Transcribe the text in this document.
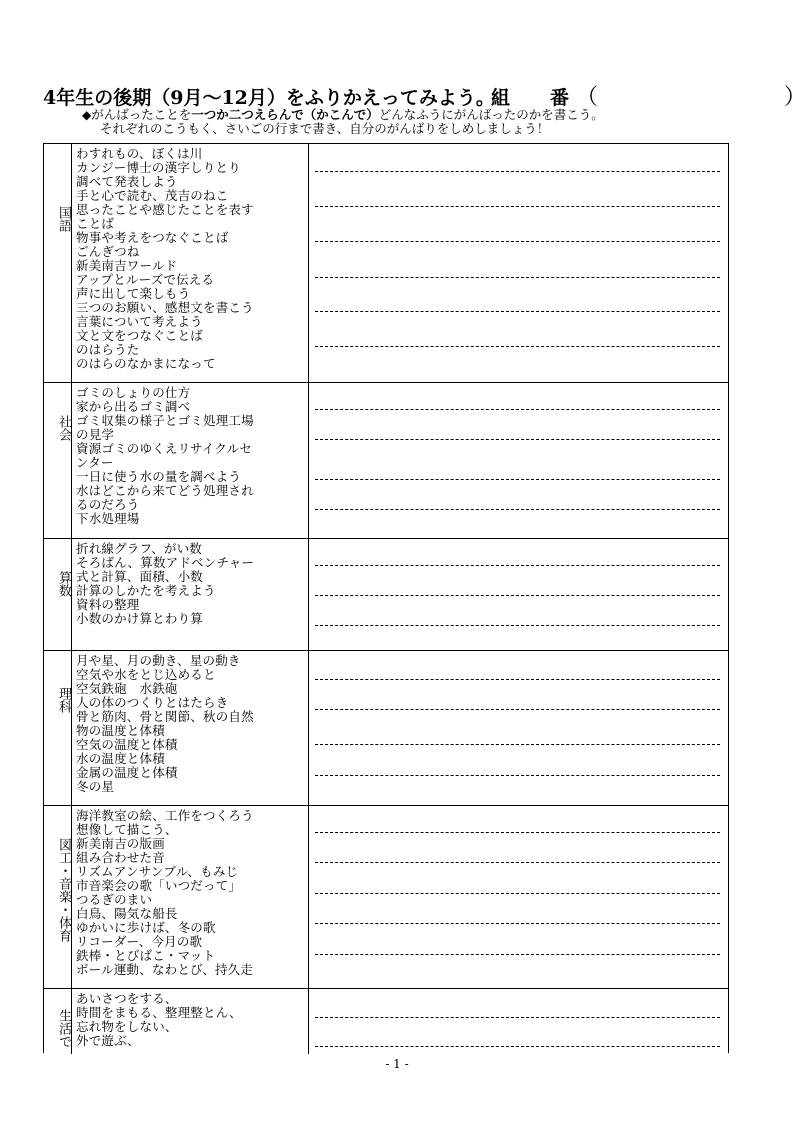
4年生の後期（9月～12月）をふりかえってみよう。
組 番 （	）
◆がんばったことを一つか二つえらんで（かこんで）どんなふうにがんばったのかを書こう。
それぞれのこうもく、さいごの行まで書き、自分のがんばりをしめしましょう！
国語
わすれもの、ぼくは川
カンジー博士の漢字しりとり
調べて発表しよう
手と心で読む、茂吉のねこ
思ったことや感じたことを表す
ことば
物事や考えをつなぐことば
ごんぎつね
新美南吉ワールド
アップとルーズで伝える
声に出して楽しもう
三つのお願い、感想文を書こう
言葉について考えよう
文と文をつなぐことば
のはらうた
のはらのなかまになって
社会
ゴミのしょりの仕方
家から出るゴミ調べ
ゴミ収集の様子とゴミ処理工場
の見学
資源ゴミのゆくえリサイクルセ
ンター
一日に使う水の量を調べよう
水はどこから来てどう処理され
るのだろう
下水処理場
算数
折れ線グラフ、がい数
そろばん、算数アドベンチャー
式と計算、面積、小数
計算のしかたを考えよう
資料の整理
小数のかけ算とわり算
理科
月や星、月の動き、星の動き
空気や水をとじ込めると
空気鉄砲　水鉄砲
人の体のつくりとはたらき
骨と筋肉、骨と関節、秋の自然
物の温度と体積
空気の温度と体積
水の温度と体積
金属の温度と体積
冬の星
図工・音楽・体育
海洋教室の絵、工作をつくろう
想像して描こう、
新美南吉の版画
組み合わせた音
リズムアンサンブル、もみじ
市音楽会の歌「いつだって」
つるぎのまい
白鳥、陽気な船長
ゆかいに歩けば、冬の歌
リコーダー、今月の歌
鉄棒・とびばこ・マット
ボール運動、なわとび、持久走
生活で
あいさつをする、
時間をまもる、整理整とん、
忘れ物をしない、
外で遊ぶ、
- 1 -
